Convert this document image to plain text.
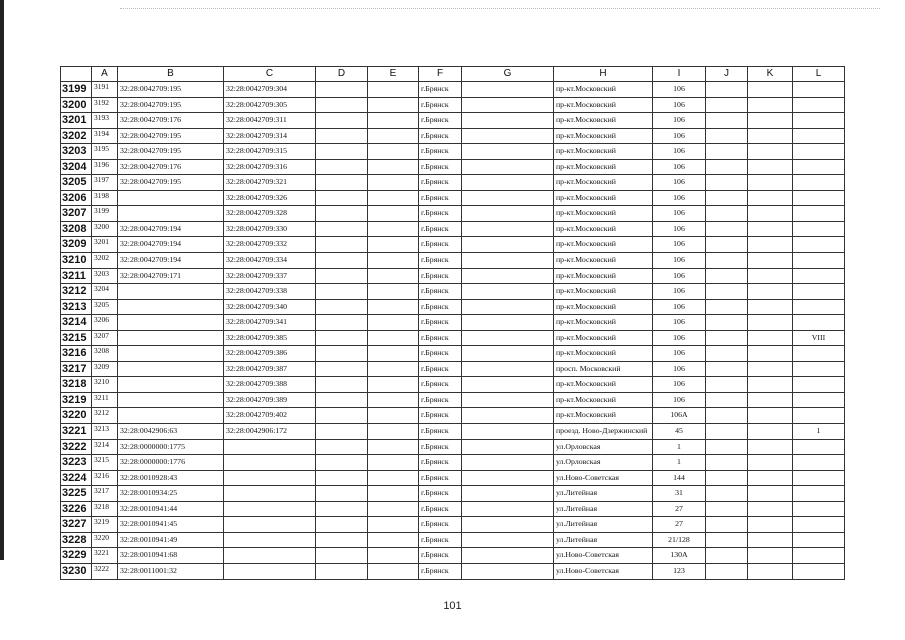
	A	B	C	D	E	F	G	H	I	J	K	L
3199	3191	32:28:0042709:195	32:28:0042709:304			г.Брянск		пр-кт.Московский	106			
3200	3192	32:28:0042709:195	32:28:0042709:305			г.Брянск		пр-кт.Московский	106			
3201	3193	32:28:0042709:176	32:28:0042709:311			г.Брянск		пр-кт.Московский	106			
3202	3194	32:28:0042709:195	32:28:0042709:314			г.Брянск		пр-кт.Московский	106			
3203	3195	32:28:0042709:195	32:28:0042709:315			г.Брянск		пр-кт.Московский	106			
3204	3196	32:28:0042709:176	32:28:0042709:316			г.Брянск		пр-кт.Московский	106			
3205	3197	32:28:0042709:195	32:28:0042709:321			г.Брянск		пр-кт.Московский	106			
3206	3198		32:28:0042709:326			г.Брянск		пр-кт.Московский	106			
3207	3199		32:28:0042709:328			г.Брянск		пр-кт.Московский	106			
3208	3200	32:28:0042709:194	32:28:0042709:330			г.Брянск		пр-кт.Московский	106			
3209	3201	32:28:0042709:194	32:28:0042709:332			г.Брянск		пр-кт.Московский	106			
3210	3202	32:28:0042709:194	32:28:0042709:334			г.Брянск		пр-кт.Московский	106			
3211	3203	32:28:0042709:171	32:28:0042709:337			г.Брянск		пр-кт.Московский	106			
3212	3204		32:28:0042709:338			г.Брянск		пр-кт.Московский	106			
3213	3205		32:28:0042709:340			г.Брянск		пр-кт.Московский	106			
3214	3206		32:28:0042709:341			г.Брянск		пр-кт.Московский	106			
3215	3207		32:28:0042709:385			г.Брянск		пр-кт.Московский	106			VIII
3216	3208		32:28:0042709:386			г.Брянск		пр-кт.Московский	106			
3217	3209		32:28:0042709:387			г.Брянск		просп. Московский	106			
3218	3210		32:28:0042709:388			г.Брянск		пр-кт.Московский	106			
3219	3211		32:28:0042709:389			г.Брянск		пр-кт.Московский	106			
3220	3212		32:28:0042709:402			г.Брянск		пр-кт.Московский	106А			
3221	3213	32:28:0042906:63	32:28:0042906:172			г.Брянск		проезд. Ново-Дзержинский	45			1
3222	3214	32:28:0000000:1775				г.Брянск		ул.Орловская	1			
3223	3215	32:28:0000000:1776				г.Брянск		ул.Орловская	1			
3224	3216	32:28:0010928:43				г.Брянск		ул.Ново-Советская	144			
3225	3217	32:28:0010934:25				г.Брянск		ул.Литейная	31			
3226	3218	32:28:0010941:44				г.Брянск		ул.Литейная	27			
3227	3219	32:28:0010941:45				г.Брянск		ул.Литейная	27			
3228	3220	32:28:0010941:49				г.Брянск		ул.Литейная	21/128			
3229	3221	32:28:0010941:68				г.Брянск		ул.Ново-Советская	130А			
3230	3222	32:28:0011001:32				г.Брянск		ул.Ново-Советская	123			
101
